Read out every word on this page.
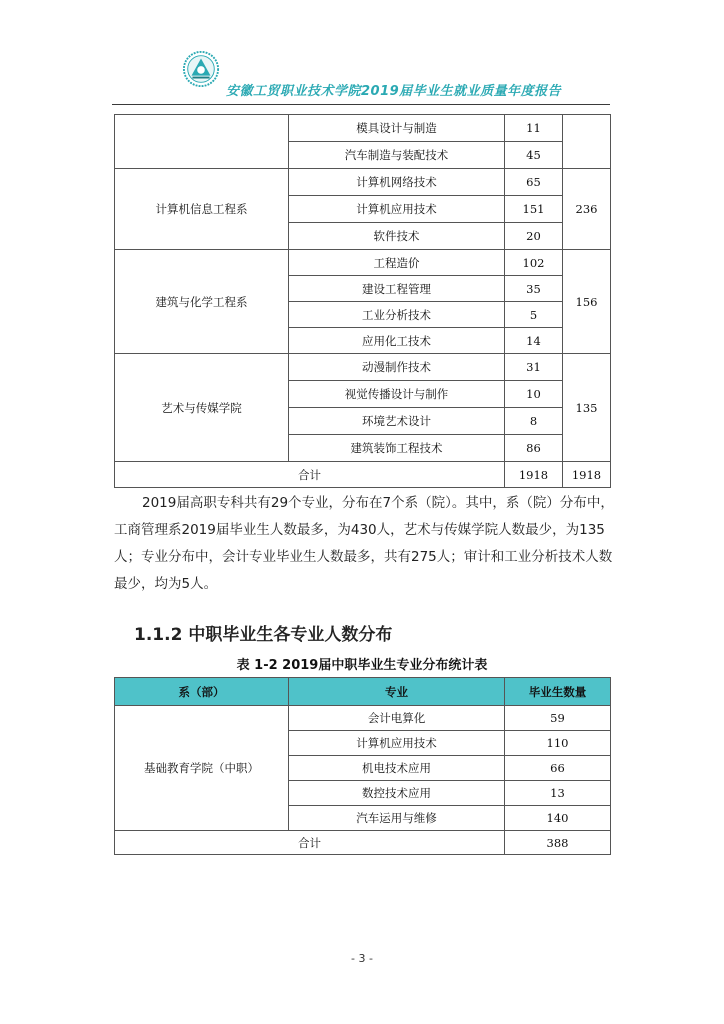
安徽工贸职业技术学院2019届毕业生就业质量年度报告
	模具设计与制造	11	
	汽车制造与装配技术	45	
计算机信息工程系	计算机网络技术	65	236
	计算机应用技术	151	
	软件技术	20	
建筑与化学工程系	工程造价	102	156
	建设工程管理	35	
	工业分析技术	5	
	应用化工技术	14	
艺术与传媒学院	动漫制作技术	31	135
	视觉传播设计与制作	10	
	环境艺术设计	8	
	建筑装饰工程技术	86	
合计		1918	1918

2019届高职专科共有29个专业，分布在7个系（院）。其中，系（院）分布中，工商管理系2019届毕业生人数最多，为430人，艺术与传媒学院人数最少，为135人；专业分布中，会计专业毕业生人数最多，共有275人；审计和工业分析技术人数最少，均为5人。

1.1.2 中职毕业生各专业人数分布

表 1-2 2019届中职毕业生专业分布统计表

系（部）	专业	毕业生数量
基础教育学院（中职）	会计电算化	59
	计算机应用技术	110
	机电技术应用	66
	数控技术应用	13
	汽车运用与维修	140
合计		388
- 3 -
